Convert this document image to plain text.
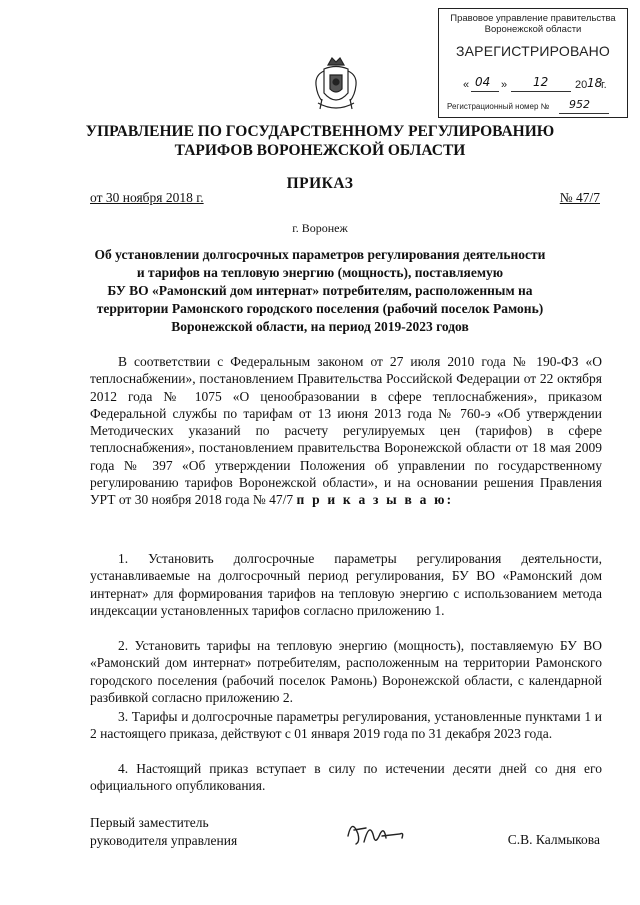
Правовое управление правительства Воронежской области
ЗАРЕГИСТРИРОВАНО
« 04 » 12 20 18
г.
Регистрационный номер № 952
УПРАВЛЕНИЕ ПО ГОСУДАРСТВЕННОМУ РЕГУЛИРОВАНИЮ
ТАРИФОВ ВОРОНЕЖСКОЙ ОБЛАСТИ
ПРИКАЗ
от 30 ноября 2018 г.	№ 47/7
г. Воронеж
Об установлении долгосрочных параметров регулирования деятельности
и тарифов на тепловую энергию (мощность), поставляемую
БУ ВО «Рамонский дом интернат» потребителям, расположенным на
территории Рамонского городского поселения (рабочий поселок Рамонь)
Воронежской области, на период 2019-2023 годов
В соответствии с Федеральным законом от 27 июля 2010 года № 190-ФЗ «О теплоснабжении», постановлением Правительства Российской Федерации от 22 октября 2012 года № 1075 «О ценообразовании в сфере теплоснабжения», приказом Федеральной службы по тарифам от 13 июня 2013 года № 760-э «Об утверждении Методических указаний по расчету регулируемых цен (тарифов) в сфере теплоснабжения», постановлением правительства Воронежской области от 18 мая 2009 года № 397 «Об утверждении Положения об управлении по государственному регулированию тарифов Воронежской области», и на основании решения Правления УРТ от 30 ноября 2018 года № 47/7 п р и к а з ы в а ю:
1. Установить долгосрочные параметры регулирования деятельности, устанавливаемые на долгосрочный период регулирования, БУ ВО «Рамонский дом интернат» для формирования тарифов на тепловую энергию с использованием метода индексации установленных тарифов согласно приложению 1.
2. Установить тарифы на тепловую энергию (мощность), поставляемую БУ ВО «Рамонский дом интернат» потребителям, расположенным на территории Рамонского городского поселения (рабочий поселок Рамонь) Воронежской области, с календарной разбивкой согласно приложению 2.
3. Тарифы и долгосрочные параметры регулирования, установленные пунктами 1 и 2 настоящего приказа, действуют с 01 января 2019 года по 31 декабря 2023 года.
4. Настоящий приказ вступает в силу по истечении десяти дней со дня его официального опубликования.
Первый заместитель
руководителя управления	С.В. Калмыкова
